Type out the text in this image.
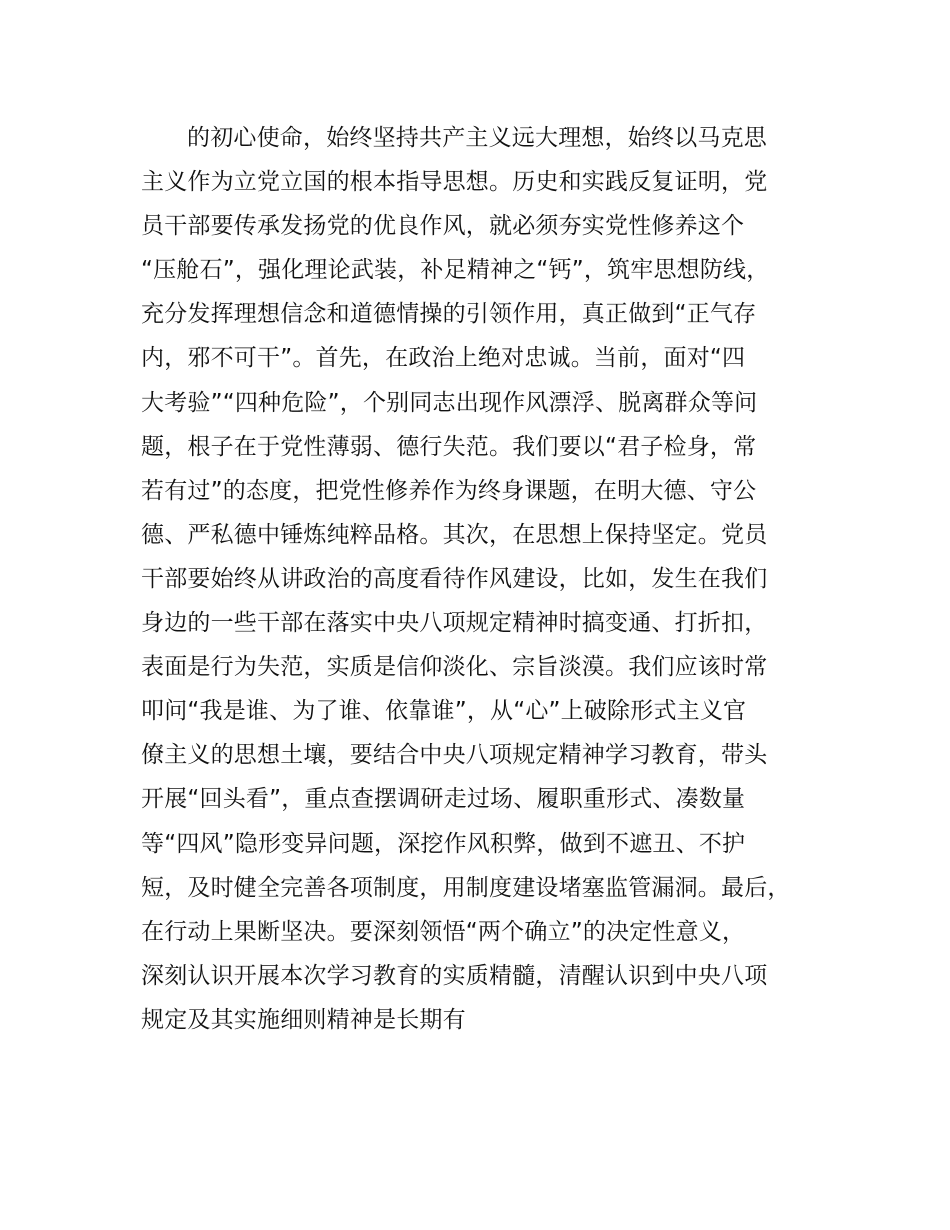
的初心使命，始终坚持共产主义远大理想，始终以马克思
主义作为立党立国的根本指导思想。历史和实践反复证明，党
员干部要传承发扬党的优良作风，就必须夯实党性修养这个
“压舱石”，强化理论武装，补足精神之“钙”，筑牢思想防线，
充分发挥理想信念和道德情操的引领作用，真正做到“正气存
内，邪不可干”。首先，在政治上绝对忠诚。当前，面对“四
大考验”“四种危险”，个别同志出现作风漂浮、脱离群众等问
题，根子在于党性薄弱、德行失范。我们要以“君子检身，常
若有过”的态度，把党性修养作为终身课题，在明大德、守公
德、严私德中锤炼纯粹品格。其次，在思想上保持坚定。党员
干部要始终从讲政治的高度看待作风建设，比如，发生在我们
身边的一些干部在落实中央八项规定精神时搞变通、打折扣，
表面是行为失范，实质是信仰淡化、宗旨淡漠。我们应该时常
叩问“我是谁、为了谁、依靠谁”，从“心”上破除形式主义官
僚主义的思想土壤，要结合中央八项规定精神学习教育，带头
开展“回头看”，重点查摆调研走过场、履职重形式、凑数量
等“四风”隐形变异问题，深挖作风积弊，做到不遮丑、不护
短，及时健全完善各项制度，用制度建设堵塞监管漏洞。最后，
在行动上果断坚决。要深刻领悟“两个确立”的决定性意义，
深刻认识开展本次学习教育的实质精髓，清醒认识到中央八项
规定及其实施细则精神是长期有
